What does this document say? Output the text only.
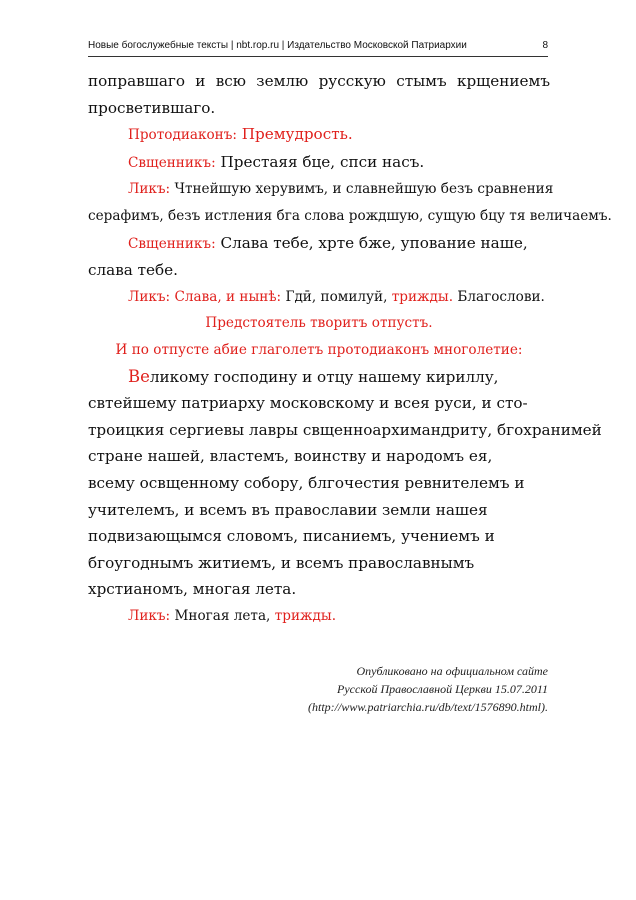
Новые богослужебные тексты | nbt.rop.ru | Издательство Московской Патриархии	8
поправшаго и всю землю русскую стымъ крщениемъ
просветившаго.
Протодиаконъ: Премудрость.
Свщенникъ: Престаяя бце, спси насъ.
Ликъ: Чтнейшую херувимъ, и славнейшую безъ сравнения
серафимъ, безъ истления бга слова рождшую, сущую бцу тя величаемъ.
Свщенникъ: Слава тебе, хрте бже, упование наше,
слава тебе.
Ликъ: Слава, и нынѣ: Гдӣ, помилуй, трижды. Благослови.
Предстоятель творитъ отпустъ.
И по отпусте абие глаголетъ протодиаконъ многолетие:
Великому господину и отцу нашему кириллу,
свтейшему патриарху московскому и всея руси, и сто-
троицкия сергиевы лавры свщенноархимандриту, бгохранимей
стране нашей, властемъ, воинству и народомъ ея,
всему освщенному собору, блгочестия ревнителемъ и
учителемъ, и всемъ въ православии земли нашея
подвизающымся словомъ, писаниемъ, учениемъ и
бгоугоднымъ житиемъ, и всемъ православнымъ
хрстианомъ, многая лета.
Ликъ: Многая лета, трижды.
Опубликовано на официальном сайте
Русской Православной Церкви 15.07.2011
(http://www.patriarchia.ru/db/text/1576890.html).
